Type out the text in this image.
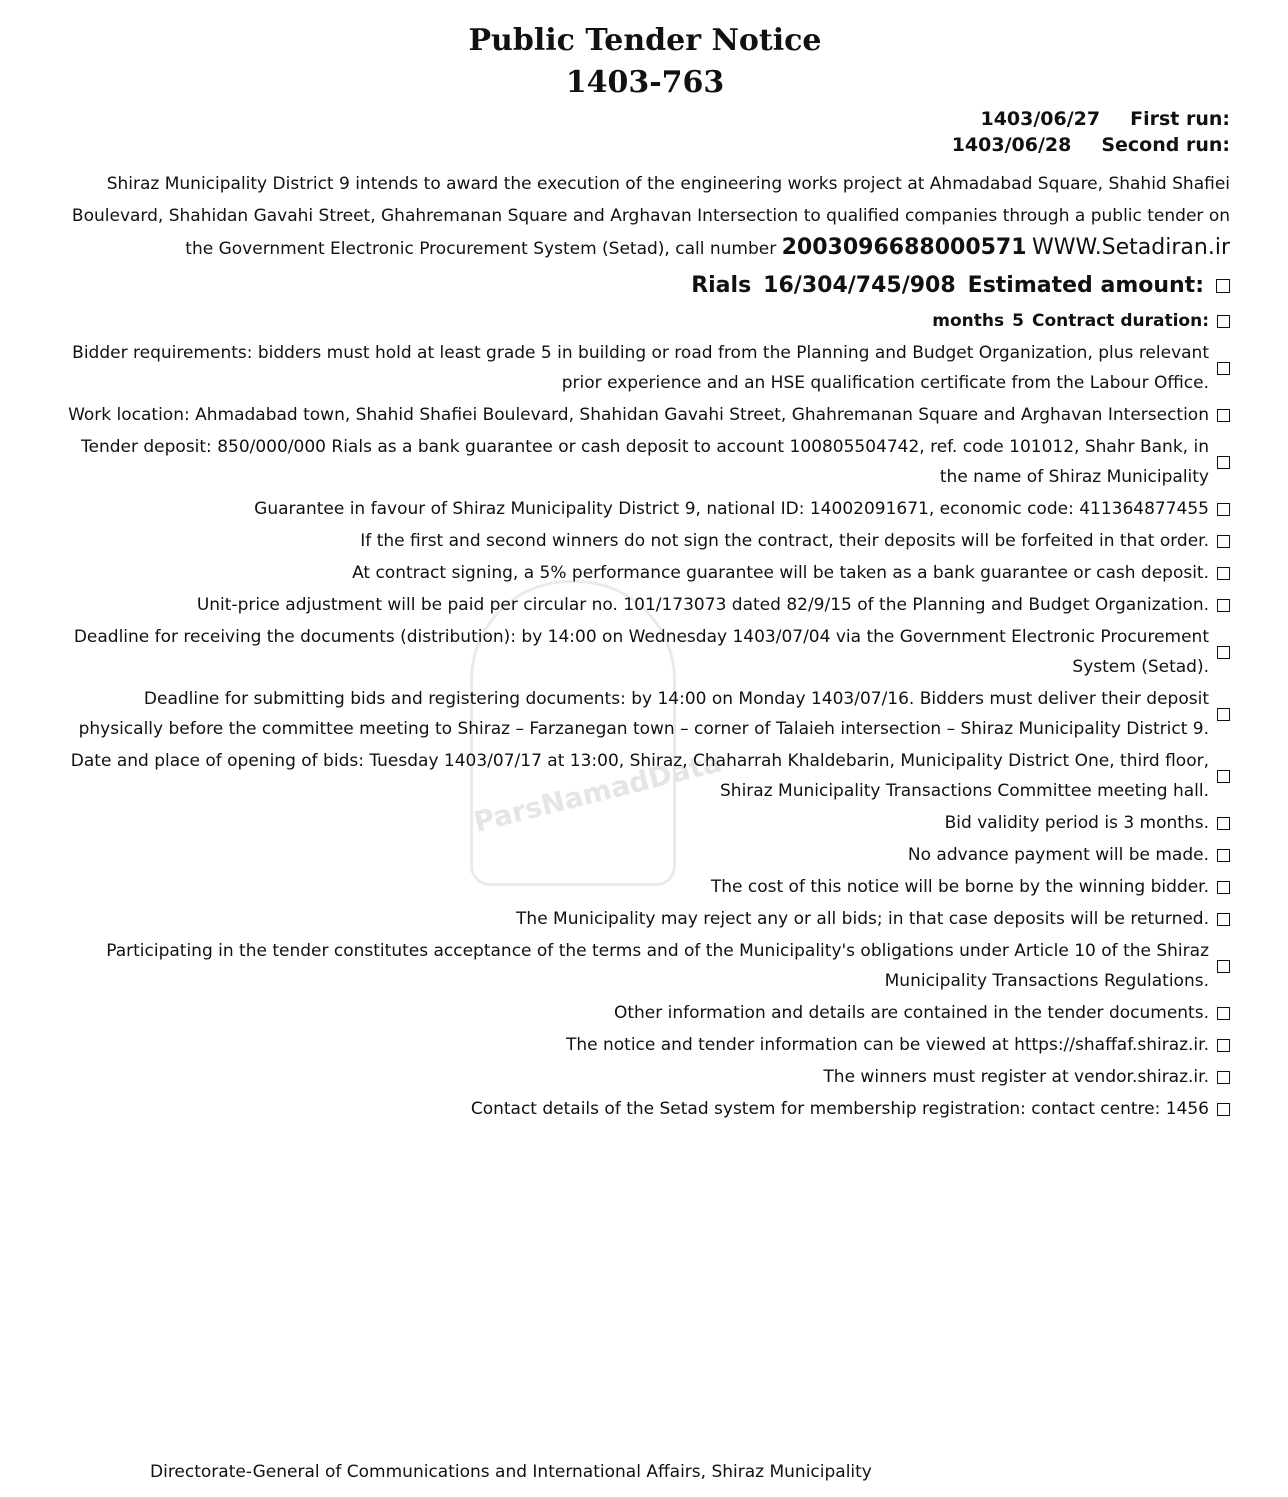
ParsNamadData

Public Tender Notice

1403-763

1403/06/27 First run:
1403/06/28 Second run:
Shiraz Municipality District 9 intends to award the execution of the engineering works project at Ahmadabad Square, Shahid Shafiei Boulevard, Shahidan Gavahi Street, Ghahremanan Square and Arghavan Intersection to qualified companies through a public tender on the Government Electronic Procurement System (Setad), call number 2003096688000571 WWW.Setadiran.ir
Rials 16/304/745/908 Estimated amount:
months 5 Contract duration:
Bidder requirements: bidders must hold at least grade 5 in building or road from the Planning and Budget Organization, plus relevant prior experience and an HSE qualification certificate from the Labour Office.
Work location: Ahmadabad town, Shahid Shafiei Boulevard, Shahidan Gavahi Street, Ghahremanan Square and Arghavan Intersection
Tender deposit: 850/000/000 Rials as a bank guarantee or cash deposit to account 100805504742, ref. code 101012, Shahr Bank, in the name of Shiraz Municipality
Guarantee in favour of Shiraz Municipality District 9, national ID: 14002091671, economic code: 411364877455
If the first and second winners do not sign the contract, their deposits will be forfeited in that order.
At contract signing, a 5% performance guarantee will be taken as a bank guarantee or cash deposit.
Unit-price adjustment will be paid per circular no. 101/173073 dated 82/9/15 of the Planning and Budget Organization.
Deadline for receiving the documents (distribution): by 14:00 on Wednesday 1403/07/04 via the Government Electronic Procurement System (Setad).
Deadline for submitting bids and registering documents: by 14:00 on Monday 1403/07/16. Bidders must deliver their deposit physically before the committee meeting to Shiraz – Farzanegan town – corner of Talaieh intersection – Shiraz Municipality District 9.
Date and place of opening of bids: Tuesday 1403/07/17 at 13:00, Shiraz, Chaharrah Khaldebarin, Municipality District One, third floor, Shiraz Municipality Transactions Committee meeting hall.
Bid validity period is 3 months.
No advance payment will be made.
The cost of this notice will be borne by the winning bidder.
The Municipality may reject any or all bids; in that case deposits will be returned.
Participating in the tender constitutes acceptance of the terms and of the Municipality's obligations under Article 10 of the Shiraz Municipality Transactions Regulations.
Other information and details are contained in the tender documents.
The notice and tender information can be viewed at https://shaffaf.shiraz.ir.
The winners must register at vendor.shiraz.ir.
Contact details of the Setad system for membership registration: contact centre: 1456
Directorate-General of Communications and International Affairs, Shiraz Municipality
